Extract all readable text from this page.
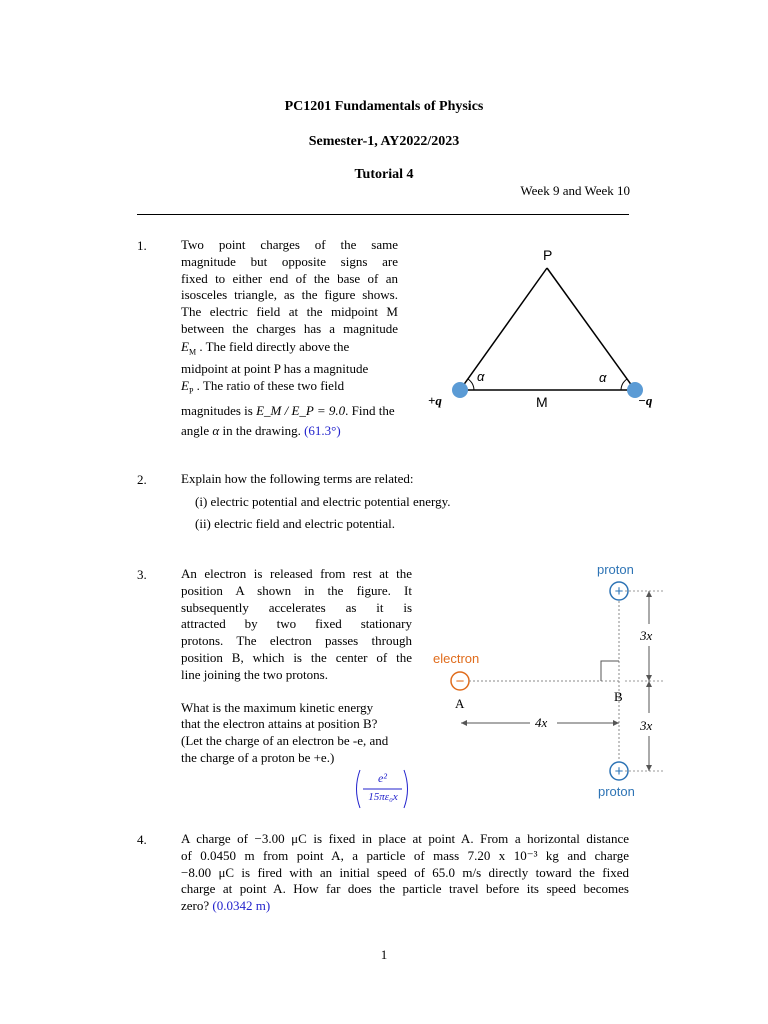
PC1201 Fundamentals of Physics
Semester-1, AY2022/2023
Tutorial 4
Week 9 and Week 10
1.	Two point charges of the same
magnitude but opposite signs are
fixed to either end of the base of an
isosceles triangle, as the figure shows.
The electric field at the midpoint M
between the charges has a magnitude
$E_M$ . The field directly above the
midpoint at point P has a magnitude
$E_P$ . The ratio of these two field
magnitudes is E_M / E_P = 9.0. Find the
angle α in the drawing. (61.3°)
P
α	α
+q	M	−q
2.	Explain how the following terms are related:
(i) electric potential and electric potential energy.
(ii) electric field and electric potential.
3.	An electron is released from rest at the
position A shown in the figure. It
subsequently accelerates as it is
attracted by two fixed stationary
protons. The electron passes through
position B, which is the center of the
line joining the two protons.
What is the maximum kinetic energy
that the electron attains at position B?
(Let the charge of an electron be -e, and
the charge of a proton be +e.)
e²
15πε₀x
proton
+
+
proton
electron
−
A	B
4x
3x
3x
4.	A charge of −3.00 μC is fixed in place at point A. From a horizontal distance
of 0.0450 m from point A, a particle of mass 7.20 x 10⁻³ kg and charge
−8.00 μC is fired with an initial speed of 65.0 m/s directly toward the fixed
charge at point A. How far does the particle travel before its speed becomes
zero? (0.0342 m)
1
